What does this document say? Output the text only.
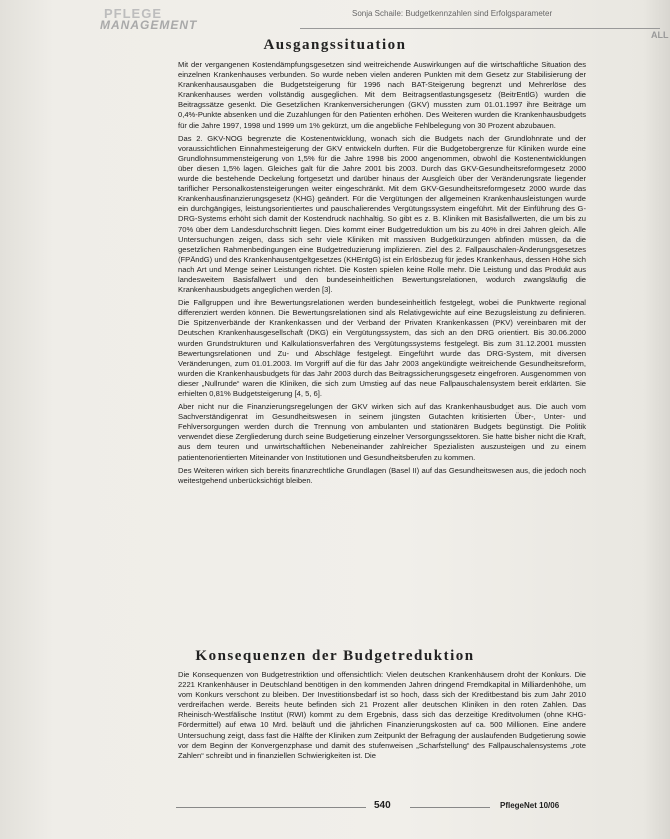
PFLEGE
MANAGEMENT
Sonja Schaile: Budgetkennzahlen sind Erfolgsparameter
ALL
Ausgangssituation

Mit der vergangenen Kostendämpfungsgesetzen sind weitreichende Auswirkungen auf die wirtschaftliche Situation des einzelnen Krankenhauses verbunden. So wurde neben vielen anderen Punkten mit dem Gesetz zur Stabilisierung der Krankenhausausgaben die Budgetsteigerung für 1996 nach BAT-Steigerung begrenzt und Mehrerlöse des Krankenhauses werden vollständig ausgeglichen. Mit dem Beitragsentlastungsgesetz (BeitrEntlG) wurden die Beitragssätze gesenkt. Die Gesetzlichen Krankenversicherungen (GKV) mussten zum 01.01.1997 ihre Beiträge um 0,4%-Punkte absenken und die Zuzahlungen für den Patienten erhöhen. Des Weiteren wurden die Krankenhausbudgets für die Jahre 1997, 1998 und 1999 um 1% gekürzt, um die angebliche Fehlbelegung von 30 Prozent abzubauen.

Das 2. GKV-NOG begrenzte die Kostenentwicklung, wonach sich die Budgets nach der Grundlohnrate und der voraussichtlichen Einnahmesteigerung der GKV entwickeln durften. Für die Budgetobergrenze für Kliniken wurde eine Grundlohnsummensteigerung von 1,5% für die Jahre 1998 bis 2000 angenommen, obwohl die Kostenentwicklungen über diesen 1,5% lagen. Gleiches galt für die Jahre 2001 bis 2003. Durch das GKV-Gesundheitsreformgesetz 2000 wurde die bestehende Deckelung fortgesetzt und darüber hinaus der Ausgleich über der Veränderungsrate liegender tariflicher Personalkostensteigerungen weiter eingeschränkt. Mit dem GKV-Gesundheitsreformgesetz 2000 wurde das Krankenhausfinanzierungsgesetz (KHG) geändert. Für die Vergütungen der allgemeinen Krankenhausleistungen wurde ein durchgängiges, leistungsorientiertes und pauschalierendes Vergütungssystem eingeführt. Mit der Einführung des G-DRG-Systems erhöht sich damit der Kostendruck nachhaltig. So gibt es z. B. Kliniken mit Basisfallwerten, die um bis zu 70% über dem Landesdurchschnitt liegen. Dies kommt einer Budgetreduktion um bis zu 40% in drei Jahren gleich. Alle Untersuchungen zeigen, dass sich sehr viele Kliniken mit massiven Budgetkürzungen abfinden müssen, da die gesetzlichen Rahmenbedingungen eine Budgetreduzierung implizieren. Ziel des 2. Fallpauschalen-Änderungsgesetzes (FPÄndG) und des Krankenhausentgeltgesetzes (KHEntgG) ist ein Erlösbezug für jedes Krankenhaus, dessen Höhe sich nach Art und Menge seiner Leistungen richtet. Die Kosten spielen keine Rolle mehr. Die Leistung und das Produkt aus landesweitem Basisfallwert und den bundeseinheitlichen Bewertungsrelationen, wodurch zwangsläufig die Krankenhausbudgets angeglichen werden [3].

Die Fallgruppen und ihre Bewertungsrelationen werden bundeseinheitlich festgelegt, wobei die Punktwerte regional differenziert werden können. Die Bewertungsrelationen sind als Relativgewichte auf eine Bezugsleistung zu definieren. Die Spitzenverbände der Krankenkassen und der Verband der Privaten Krankenkassen (PKV) vereinbaren mit der Deutschen Krankenhausgesellschaft (DKG) ein Vergütungssystem, das sich an den DRG orientiert. Bis 30.06.2000 wurden Grundstrukturen und Kalkulationsverfahren des Vergütungssystems festgelegt. Bis zum 31.12.2001 mussten Bewertungsrelationen und Zu- und Abschläge festgelegt. Eingeführt wurde das DRG-System, mit diversen Veränderungen, zum 01.01.2003. Im Vorgriff auf die für das Jahr 2003 angekündigte weitreichende Gesundheitsreform, wurden die Krankenhausbudgets für das Jahr 2003 durch das Beitragssicherungsgesetz eingefroren. Ausgenommen von dieser „Nullrunde“ waren die Kliniken, die sich zum Umstieg auf das neue Fallpauschalensystem bereit erklärten. Sie erhielten 0,81% Budgetsteigerung [4, 5, 6].

Aber nicht nur die Finanzierungsregelungen der GKV wirken sich auf das Krankenhausbudget aus. Die auch vom Sachverständigenrat im Gesundheitswesen in seinem jüngsten Gutachten kritisierten Über-, Unter- und Fehlversorgungen werden durch die Trennung von ambulanten und stationären Budgets begünstigt. Die Politik verwendet diese Zergliederung durch seine Budgetierung einzelner Versorgungssektoren. Sie hatte bisher nicht die Kraft, aus dem teuren und unwirtschaftlichen Nebeneinander zahlreicher Spezialisten auszusteigen und zu einem patientenorientierten Miteinander von Institutionen und Gesundheitsberufen zu kommen.

Des Weiteren wirken sich bereits finanzrechtliche Grundlagen (Basel II) auf das Gesundheitswesen aus, die jedoch noch weitestgehend unberücksichtigt bleiben.

Konsequenzen der Budgetreduktion

Die Konsequenzen von Budgetrestriktion und offensichtlich: Vielen deutschen Krankenhäusern droht der Konkurs. Die 2221 Krankenhäuser in Deutschland benötigen in den kommenden Jahren dringend Fremdkapital in Milliardenhöhe, um vom Konkurs verschont zu bleiben. Der Investitionsbedarf ist so hoch, dass sich der Kreditbestand bis zum Jahr 2010 verdreifachen werde. Bereits heute befinden sich 21 Prozent aller deutschen Kliniken in den roten Zahlen. Das Rheinisch-Westfälische Institut (RWI) kommt zu dem Ergebnis, dass sich das derzeitige Kreditvolumen (ohne KHG-Fördermittel) auf etwa 10 Mrd. beläuft und die jährlichen Finanzierungskosten auf ca. 500 Millionen. Eine andere Untersuchung zeigt, dass fast die Hälfte der Kliniken zum Zeitpunkt der Befragung der auslaufenden Budgetierung sowie vor dem Beginn der Konvergenzphase und damit des stufenweisen „Scharfstellung“ des Fallpauschalensystems „rote Zahlen“ schreibt und in finanziellen Schwierigkeiten ist. Die

540	PflegeNet 10/06
